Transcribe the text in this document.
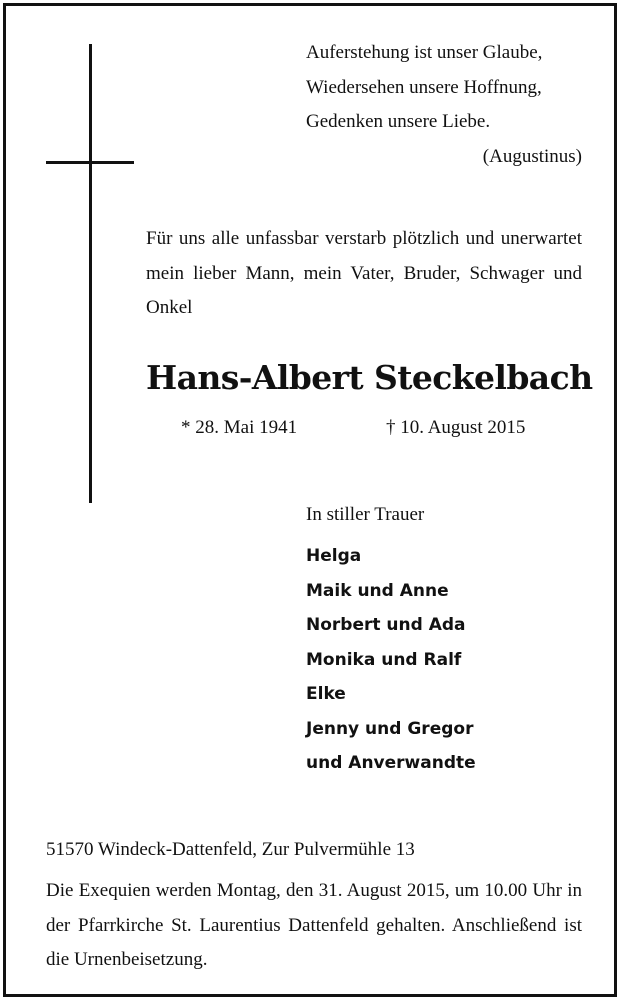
Auferstehung ist unser Glaube,
Wiedersehen unsere Hoffnung,
Gedenken unsere Liebe.
(Augustinus)
Für uns alle unfassbar verstarb plötzlich und unerwartet mein lieber Mann, mein Vater, Bruder, Schwager und Onkel
Hans-Albert Steckelbach
* 28. Mai 1941	† 10. August 2015
In stiller Trauer
Helga
Maik und Anne
Norbert und Ada
Monika und Ralf
Elke
Jenny und Gregor
und Anverwandte
51570 Windeck-Dattenfeld, Zur Pulvermühle 13
Die Exequien werden Montag, den 31. August 2015, um 10.00 Uhr in der Pfarrkirche St. Laurentius Dattenfeld gehalten. Anschließend ist die Urnenbeisetzung.
